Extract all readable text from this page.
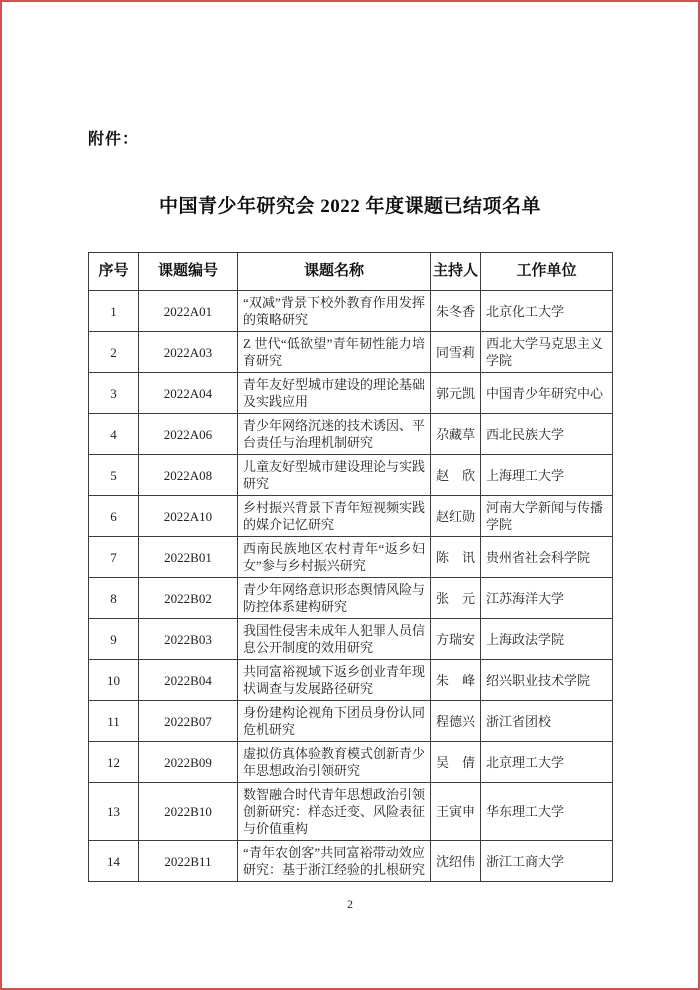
附件：
中国青少年研究会 2022 年度课题已结项名单
序号	课题编号	课题名称	主持人	工作单位
1	2022A01	“双减”背景下校外教育作用发挥的策略研究	朱冬香	北京化工大学
2	2022A03	Z 世代“低欲望”青年韧性能力培育研究	同雪莉	西北大学马克思主义学院
3	2022A04	青年友好型城市建设的理论基础及实践应用	郭元凯	中国青少年研究中心
4	2022A06	青少年网络沉迷的技术诱因、平台责任与治理机制研究	尕藏草	西北民族大学
5	2022A08	儿童友好型城市建设理论与实践研究	赵　欣	上海理工大学
6	2022A10	乡村振兴背景下青年短视频实践的媒介记忆研究	赵红勋	河南大学新闻与传播学院
7	2022B01	西南民族地区农村青年“返乡妇女”参与乡村振兴研究	陈　讯	贵州省社会科学院
8	2022B02	青少年网络意识形态舆情风险与防控体系建构研究	张　元	江苏海洋大学
9	2022B03	我国性侵害未成年人犯罪人员信息公开制度的效用研究	方瑞安	上海政法学院
10	2022B04	共同富裕视域下返乡创业青年现状调查与发展路径研究	朱　峰	绍兴职业技术学院
11	2022B07	身份建构论视角下团员身份认同危机研究	程德兴	浙江省团校
12	2022B09	虚拟仿真体验教育模式创新青少年思想政治引领研究	吴　倩	北京理工大学
13	2022B10	数智融合时代青年思想政治引领创新研究：样态迁变、风险表征与价值重构	王寅申	华东理工大学
14	2022B11	“青年农创客”共同富裕带动效应研究：基于浙江经验的扎根研究	沈绍伟	浙江工商大学
2
